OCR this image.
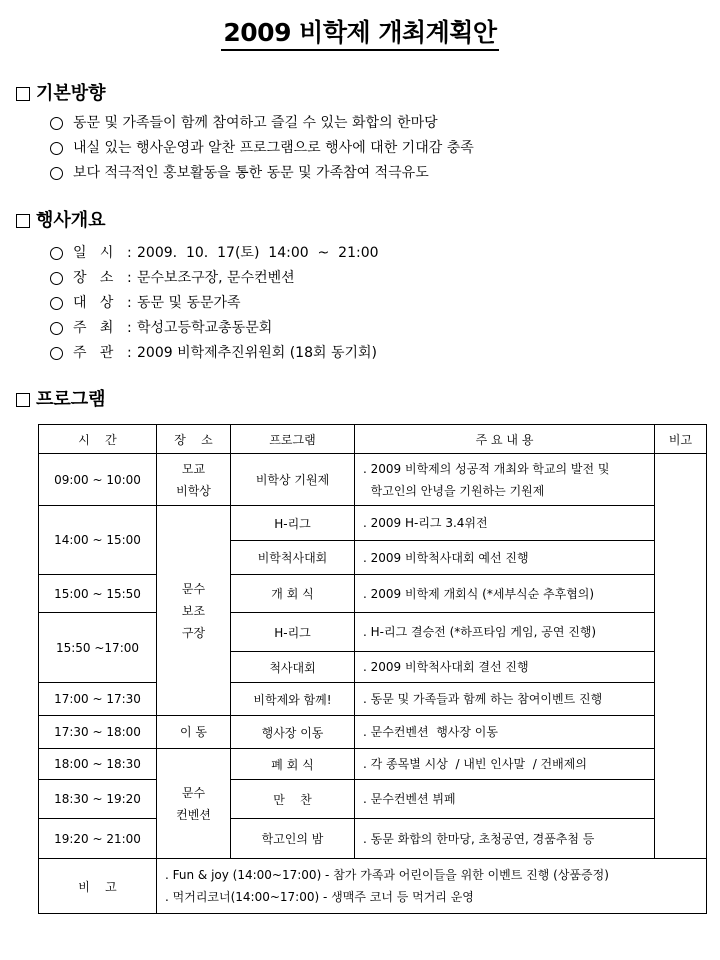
2009 비학제 개최계획안
기본방향
동문 및 가족들이 함께 참여하고 즐길 수 있는 화합의 한마당
내실 있는 행사운영과 알찬 프로그램으로 행사에 대한 기대감 충족
보다 적극적인 홍보활동을 통한 동문 및 가족참여 적극유도
행사개요
일   시 : 2009.  10.  17(토)  14:00  ~  21:00
장   소 : 문수보조구장, 문수컨벤션
대   상 : 동문 및 동문가족
주   최 : 학성고등학교총동문회
주   관 : 2009 비학제추진위원회 (18회 동기회)
프로그램
시    간	장    소	프로그램	주 요 내 용	비고
09:00 ~ 10:00	모교
비학상	비학상 기원제	. 2009 비학제의 성공적 개최와 학교의 발전 및
학고인의 안녕을 기원하는 기원제	
14:00 ~ 15:00	문수
보조
구장	H-리그	. 2009 H-리그 3.4위전	
		비학척사대회	. 2009 비학척사대회 예선 진행	
15:00 ~ 15:50		개 회 식	. 2009 비학제 개회식 (*세부식순 추후협의)	
15:50 ~17:00		H-리그	. H-리그 결승전 (*하프타임 게임, 공연 진행)	
		척사대회	. 2009 비학척사대회 결선 진행	
17:00 ~ 17:30		비학제와 함께!	. 동문 및 가족들과 함께 하는 참여이벤트 진행	
17:30 ~ 18:00	이 동	행사장 이동	. 문수컨벤션  행사장 이동	
18:00 ~ 18:30	문수
컨벤션	폐 회 식	. 각 종목별 시상  / 내빈 인사말  / 건배제의	
18:30 ~ 19:20		만    찬	. 문수컨벤션 뷔페	
19:20 ~ 21:00		학고인의 밤	. 동문 화합의 한마당, 초청공연, 경품추첨 등	
비    고	. Fun & joy (14:00~17:00) - 참가 가족과 어린이들을 위한 이벤트 진행 (상품증정)
. 먹거리코너(14:00~17:00) - 생맥주 코너 등 먹거리 운영			
